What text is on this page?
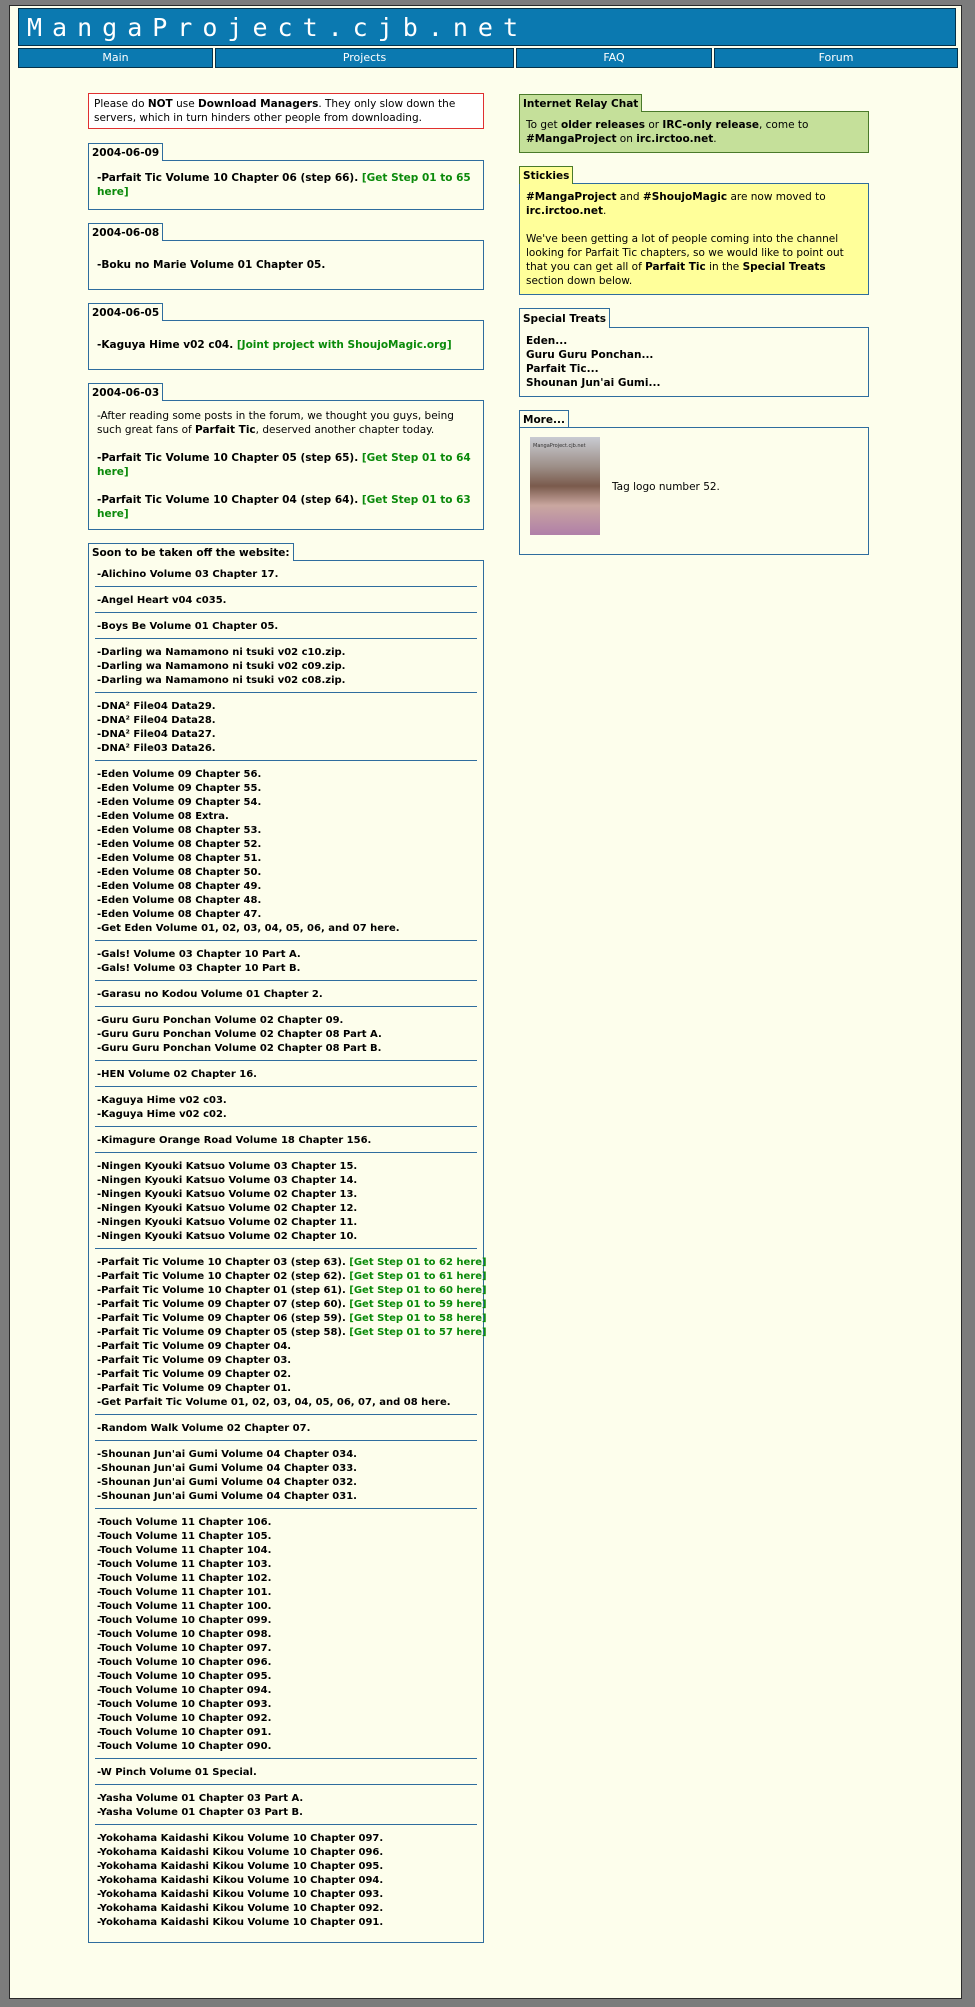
MangaProject.cjb.net
Main	Projects	FAQ	Forum
Please do NOT use Download Managers. They only slow down the servers, which in turn hinders other people from downloading.
2004-06-09

-Parfait Tic Volume 10 Chapter 06 (step 66). [Get Step 01 to 65 here]

2004-06-08

-Boku no Marie Volume 01 Chapter 05.

2004-06-05

-Kaguya Hime v02 c04. [Joint project with ShoujoMagic.org]

2004-06-03

-After reading some posts in the forum, we thought you guys, being such great fans of Parfait Tic, deserved another chapter today.

-Parfait Tic Volume 10 Chapter 05 (step 65). [Get Step 01 to 64 here]

-Parfait Tic Volume 10 Chapter 04 (step 64). [Get Step 01 to 63 here]

Soon to be taken off the website:
-Alichino Volume 03 Chapter 17.
-Angel Heart v04 c035.
-Boys Be Volume 01 Chapter 05.
-Darling wa Namamono ni tsuki v02 c10.zip.
-Darling wa Namamono ni tsuki v02 c09.zip.
-Darling wa Namamono ni tsuki v02 c08.zip.
-DNA² File04 Data29.
-DNA² File04 Data28.
-DNA² File04 Data27.
-DNA² File03 Data26.
-Eden Volume 09 Chapter 56.
-Eden Volume 09 Chapter 55.
-Eden Volume 09 Chapter 54.
-Eden Volume 08 Extra.
-Eden Volume 08 Chapter 53.
-Eden Volume 08 Chapter 52.
-Eden Volume 08 Chapter 51.
-Eden Volume 08 Chapter 50.
-Eden Volume 08 Chapter 49.
-Eden Volume 08 Chapter 48.
-Eden Volume 08 Chapter 47.
-Get Eden Volume 01, 02, 03, 04, 05, 06, and 07 here.
-Gals! Volume 03 Chapter 10 Part A.
-Gals! Volume 03 Chapter 10 Part B.
-Garasu no Kodou Volume 01 Chapter 2.
-Guru Guru Ponchan Volume 02 Chapter 09.
-Guru Guru Ponchan Volume 02 Chapter 08 Part A.
-Guru Guru Ponchan Volume 02 Chapter 08 Part B.
-HEN Volume 02 Chapter 16.
-Kaguya Hime v02 c03.
-Kaguya Hime v02 c02.
-Kimagure Orange Road Volume 18 Chapter 156.
-Ningen Kyouki Katsuo Volume 03 Chapter 15.
-Ningen Kyouki Katsuo Volume 03 Chapter 14.
-Ningen Kyouki Katsuo Volume 02 Chapter 13.
-Ningen Kyouki Katsuo Volume 02 Chapter 12.
-Ningen Kyouki Katsuo Volume 02 Chapter 11.
-Ningen Kyouki Katsuo Volume 02 Chapter 10.
-Parfait Tic Volume 10 Chapter 03 (step 63). [Get Step 01 to 62 here]
-Parfait Tic Volume 10 Chapter 02 (step 62). [Get Step 01 to 61 here]
-Parfait Tic Volume 10 Chapter 01 (step 61). [Get Step 01 to 60 here]
-Parfait Tic Volume 09 Chapter 07 (step 60). [Get Step 01 to 59 here]
-Parfait Tic Volume 09 Chapter 06 (step 59). [Get Step 01 to 58 here]
-Parfait Tic Volume 09 Chapter 05 (step 58). [Get Step 01 to 57 here]
-Parfait Tic Volume 09 Chapter 04.
-Parfait Tic Volume 09 Chapter 03.
-Parfait Tic Volume 09 Chapter 02.
-Parfait Tic Volume 09 Chapter 01.
-Get Parfait Tic Volume 01, 02, 03, 04, 05, 06, 07, and 08 here.
-Random Walk Volume 02 Chapter 07.
-Shounan Jun'ai Gumi Volume 04 Chapter 034.
-Shounan Jun'ai Gumi Volume 04 Chapter 033.
-Shounan Jun'ai Gumi Volume 04 Chapter 032.
-Shounan Jun'ai Gumi Volume 04 Chapter 031.
-Touch Volume 11 Chapter 106.
-Touch Volume 11 Chapter 105.
-Touch Volume 11 Chapter 104.
-Touch Volume 11 Chapter 103.
-Touch Volume 11 Chapter 102.
-Touch Volume 11 Chapter 101.
-Touch Volume 11 Chapter 100.
-Touch Volume 10 Chapter 099.
-Touch Volume 10 Chapter 098.
-Touch Volume 10 Chapter 097.
-Touch Volume 10 Chapter 096.
-Touch Volume 10 Chapter 095.
-Touch Volume 10 Chapter 094.
-Touch Volume 10 Chapter 093.
-Touch Volume 10 Chapter 092.
-Touch Volume 10 Chapter 091.
-Touch Volume 10 Chapter 090.
-W Pinch Volume 01 Special.
-Yasha Volume 01 Chapter 03 Part A.
-Yasha Volume 01 Chapter 03 Part B.
-Yokohama Kaidashi Kikou Volume 10 Chapter 097.
-Yokohama Kaidashi Kikou Volume 10 Chapter 096.
-Yokohama Kaidashi Kikou Volume 10 Chapter 095.
-Yokohama Kaidashi Kikou Volume 10 Chapter 094.
-Yokohama Kaidashi Kikou Volume 10 Chapter 093.
-Yokohama Kaidashi Kikou Volume 10 Chapter 092.
-Yokohama Kaidashi Kikou Volume 10 Chapter 091.
Internet Relay Chat
To get older releases or IRC-only release, come to #MangaProject on irc.irctoo.net.
Stickies
#MangaProject and #ShoujoMagic are now moved to irc.irctoo.net.
We've been getting a lot of people coming into the channel looking for Parfait Tic chapters, so we would like to point out that you can get all of Parfait Tic in the Special Treats section down below.
Special Treats
Eden...
Guru Guru Ponchan...
Parfait Tic...
Shounan Jun'ai Gumi...
More...
MangaProject.cjb.net
Tag logo number 52.
